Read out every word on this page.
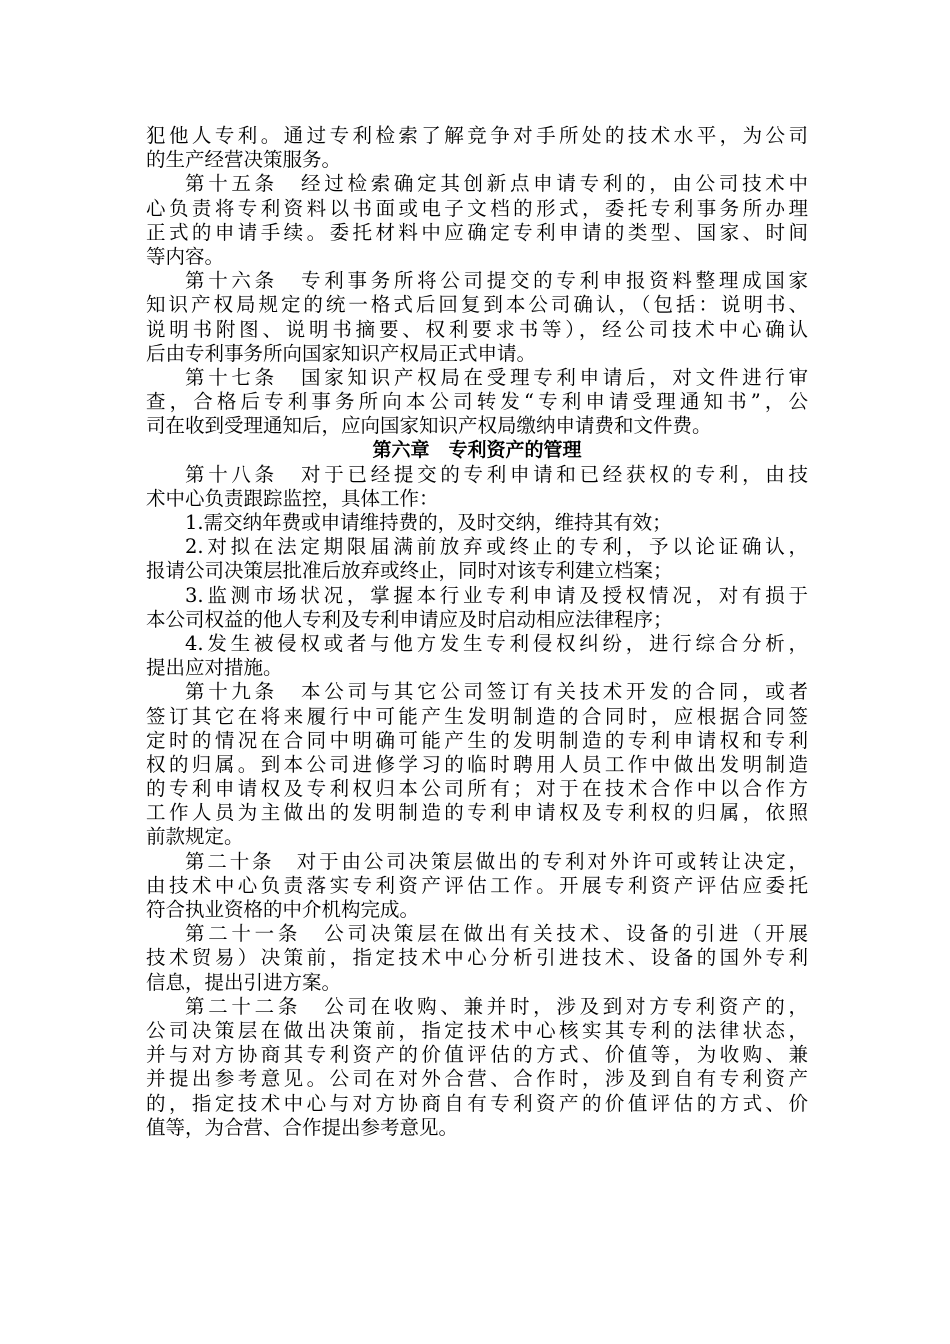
犯他人专利。通过专利检索了解竞争对手所处的技术水平，为公司
的生产经营决策服务。
第十五条　经过检索确定其创新点申请专利的，由公司技术中
心负责将专利资料以书面或电子文档的形式，委托专利事务所办理
正式的申请手续。委托材料中应确定专利申请的类型、国家、时间
等内容。
第十六条　专利事务所将公司提交的专利申报资料整理成国家
知识产权局规定的统一格式后回复到本公司确认，（包括：说明书、
说明书附图、说明书摘要、权利要求书等），经公司技术中心确认
后由专利事务所向国家知识产权局正式申请。
第十七条　国家知识产权局在受理专利申请后，对文件进行审
查，合格后专利事务所向本公司转发“专利申请受理通知书”，公
司在收到受理通知后，应向国家知识产权局缴纳申请费和文件费。
第六章　专利资产的管理
第十八条　对于已经提交的专利申请和已经获权的专利，由技
术中心负责跟踪监控，具体工作：
1.需交纳年费或申请维持费的，及时交纳，维持其有效；
2.对拟在法定期限届满前放弃或终止的专利，予以论证确认，
报请公司决策层批准后放弃或终止，同时对该专利建立档案；
3.监测市场状况，掌握本行业专利申请及授权情况，对有损于
本公司权益的他人专利及专利申请应及时启动相应法律程序；
4.发生被侵权或者与他方发生专利侵权纠纷，进行综合分析，
提出应对措施。
第十九条　本公司与其它公司签订有关技术开发的合同，或者
签订其它在将来履行中可能产生发明制造的合同时，应根据合同签
定时的情况在合同中明确可能产生的发明制造的专利申请权和专利
权的归属。到本公司进修学习的临时聘用人员工作中做出发明制造
的专利申请权及专利权归本公司所有；对于在技术合作中以合作方
工作人员为主做出的发明制造的专利申请权及专利权的归属，依照
前款规定。
第二十条　对于由公司决策层做出的专利对外许可或转让决定，
由技术中心负责落实专利资产评估工作。开展专利资产评估应委托
符合执业资格的中介机构完成。
第二十一条　公司决策层在做出有关技术、设备的引进（开展
技术贸易）决策前，指定技术中心分析引进技术、设备的国外专利
信息，提出引进方案。
第二十二条　公司在收购、兼并时，涉及到对方专利资产的，
公司决策层在做出决策前，指定技术中心核实其专利的法律状态，
并与对方协商其专利资产的价值评估的方式、价值等，为收购、兼
并提出参考意见。公司在对外合营、合作时，涉及到自有专利资产
的，指定技术中心与对方协商自有专利资产的价值评估的方式、价
值等，为合营、合作提出参考意见。
